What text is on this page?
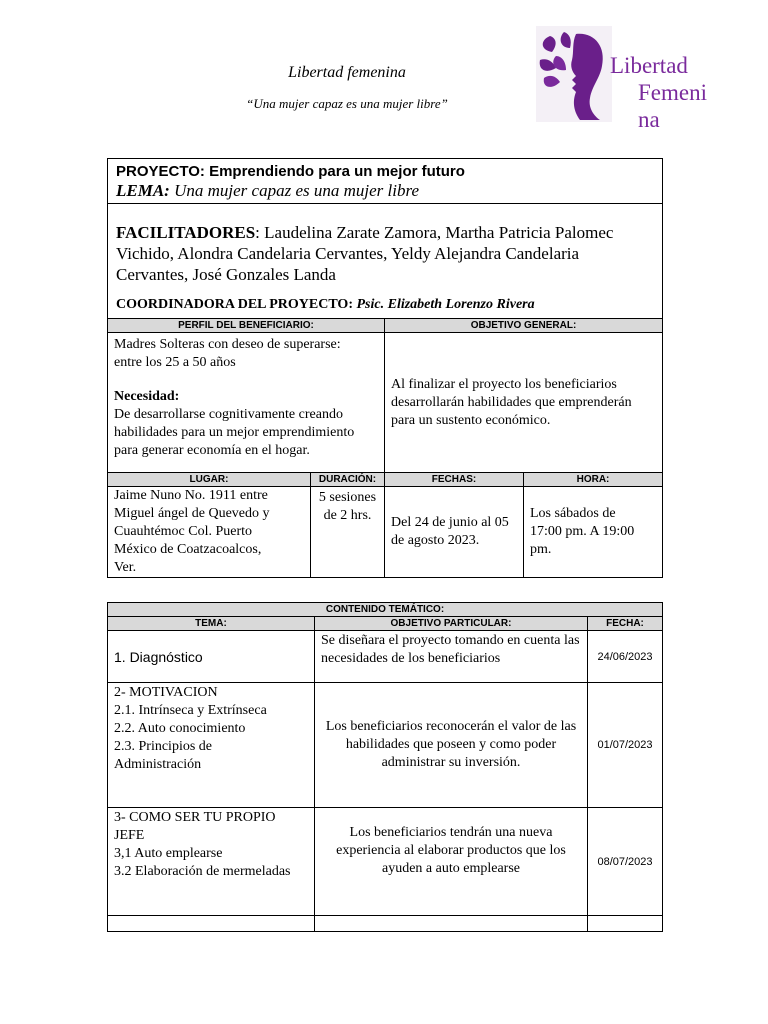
Libertad femenina
“Una mujer capaz es una mujer libre”
Libertad
Femeni
na
PROYECTO: Emprendiendo para un mejor futuro
LEMA: Una mujer capaz es una mujer libre			

FACILITADORES: Laudelina Zarate Zamora, Martha Patricia Palomec Vichido, Alondra Candelaria Cervantes, Yeldy Alejandra Candelaria Cervantes, José Gonzales Landa
COORDINADORA DEL PROYECTO: Psic. Elizabeth Lorenzo Rivera			

PERFIL DEL BENEFICIARIO:		OBJETIVO GENERAL:	

Madres Solteras con deseo de superarse:
entre los 25 a 50 años
Necesidad:
De desarrollarse cognitivamente creando habilidades para un mejor emprendimiento para generar economía en el hogar.		Al finalizar el proyecto los beneficiarios desarrollarán habilidades que emprenderán para un sustento económico.	

LUGAR:	DURACIÓN:	FECHAS:	HORA:

Jaime Nuno No. 1911 entre Miguel ángel de Quevedo y Cuauhtémoc Col. Puerto México de Coatzacoalcos, Ver.	5 sesiones de 2 hrs.	Del 24 de junio al 05 de agosto 2023.	Los sábados de 17:00 pm. A 19:00 pm.
CONTENIDO TEMÁTICO:		
TEMA:	OBJETIVO PARTICULAR:	FECHA:

1. Diagnóstico	Se diseñara el proyecto tomando en cuenta las necesidades de los beneficiarios	24/06/2023

2- MOTIVACION
2.1. Intrínseca y Extrínseca
2.2. Auto conocimiento
2.3. Principios de Administración	Los beneficiarios reconocerán el valor de las habilidades que poseen y como poder administrar su inversión.	01/07/2023

3- COMO SER TU PROPIO JEFE
3,1 Auto emplearse
3.2 Elaboración de mermeladas	Los beneficiarios tendrán una nueva experiencia al elaborar productos que los ayuden a auto emplearse	08/07/2023
